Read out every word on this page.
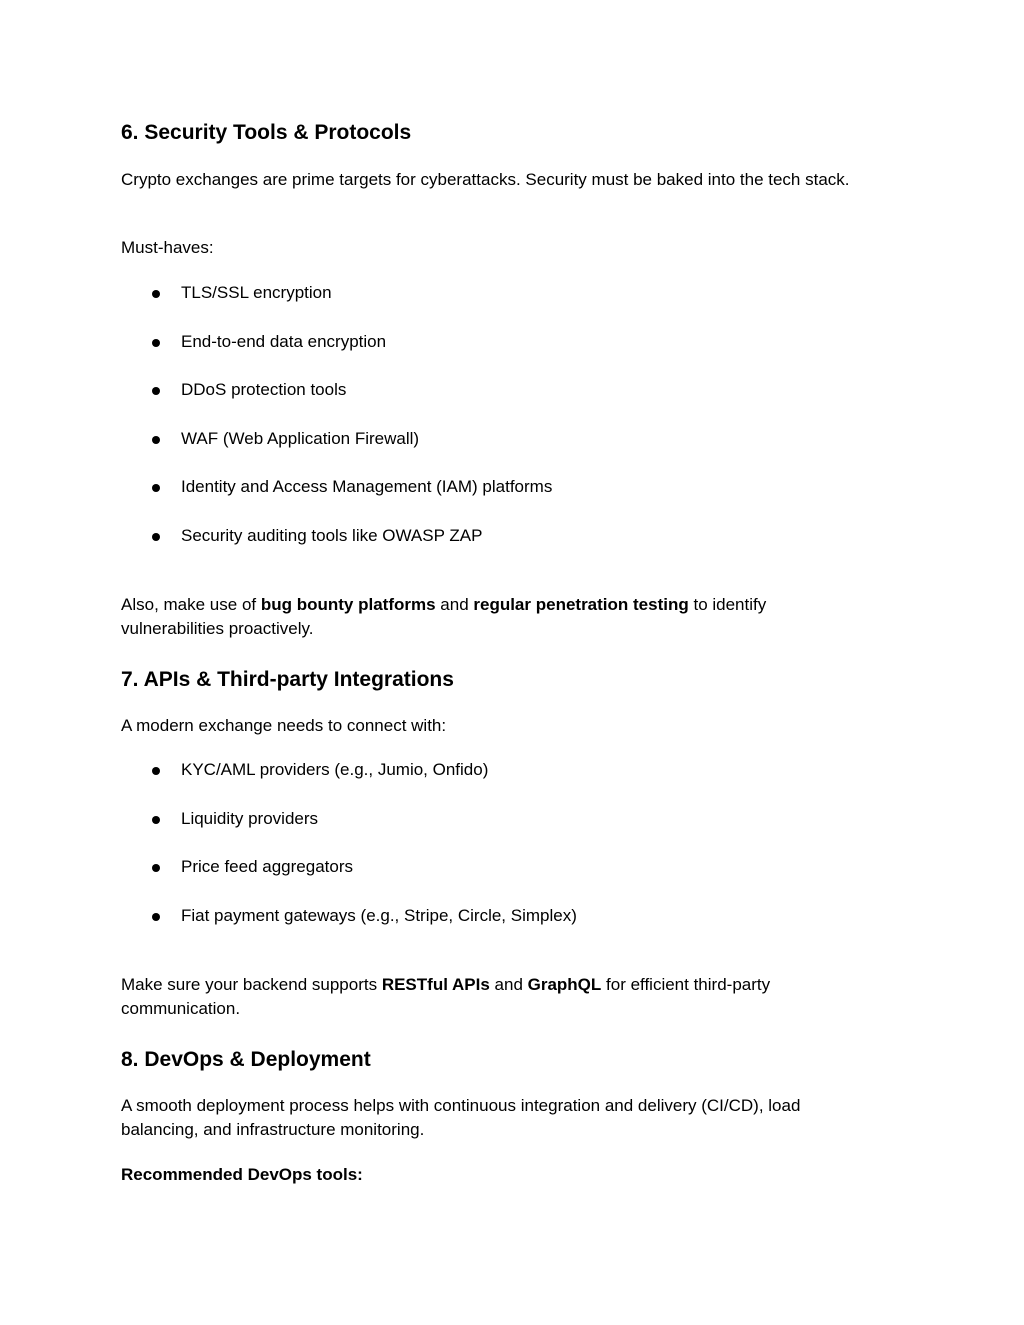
6. Security Tools & Protocols

Crypto exchanges are prime targets for cyberattacks. Security must be baked into the tech stack.

Must-haves:

TLS/SSL encryption
End-to-end data encryption
DDoS protection tools
WAF (Web Application Firewall)
Identity and Access Management (IAM) platforms
Security auditing tools like OWASP ZAP

Also, make use of bug bounty platforms and regular penetration testing to identify vulnerabilities proactively.

7. APIs & Third-party Integrations

A modern exchange needs to connect with:

KYC/AML providers (e.g., Jumio, Onfido)
Liquidity providers
Price feed aggregators
Fiat payment gateways (e.g., Stripe, Circle, Simplex)

Make sure your backend supports RESTful APIs and GraphQL for efficient third-party communication.

8. DevOps & Deployment

A smooth deployment process helps with continuous integration and delivery (CI/CD), load balancing, and infrastructure monitoring.

Recommended DevOps tools:
